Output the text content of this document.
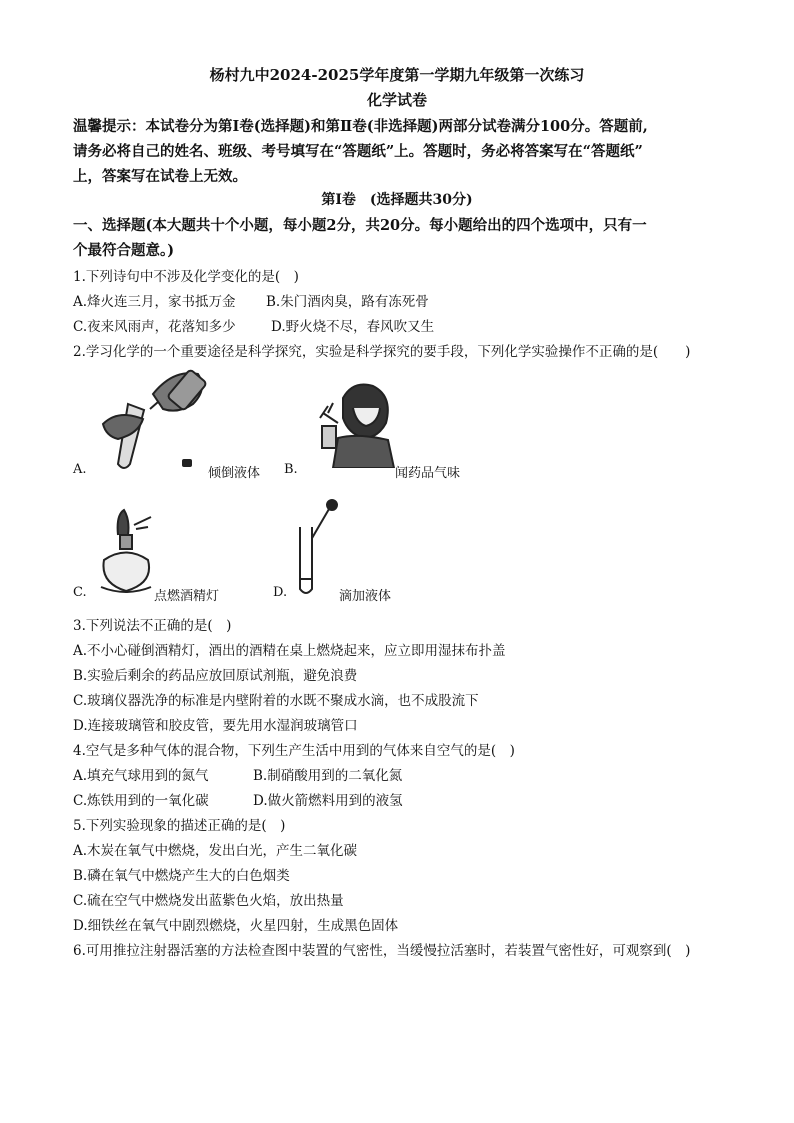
杨村九中2024-2025学年度第一学期九年级第一次练习
化学试卷
温馨提示：本试卷分为第Ⅰ卷(选择题)和第Ⅱ卷(非选择题)两部分试卷满分100分。答题前,
请务必将自己的姓名、班级、考号填写在“答题纸”上。答题时，务必将答案写在“答题纸”
上，答案写在试卷上无效。
第Ⅰ卷　(选择题共30分)
一、选择题(本大题共十个小题，每小题2分，共20分。每小题给出的四个选项中，只有一
个最符合题意。)
1.下列诗句中不涉及化学变化的是(　)
A.烽火连三月，家书抵万金 B.朱门酒肉臭，路有冻死骨
C.夜来风雨声，花落知多少	D.野火烧不尽，春风吹又生
2.学习化学的一个重要途径是科学探究，实验是科学探究的要手段，下列化学实验操作不正确的是(　　)
A.	倾倒液体 B.	闻药品气味
C.	点燃酒精灯	D.	滴加液体
3.下列说法不正确的是(　)
A.不小心碰倒酒精灯，酒出的酒精在桌上燃烧起来，应立即用湿抹布扑盖
B.实验后剩余的药品应放回原试剂瓶，避免浪费
C.玻璃仪器洗净的标准是内壁附着的水既不聚成水滴，也不成股流下
D.连接玻璃管和胶皮管，要先用水湿润玻璃管口
4.空气是多种气体的混合物，下列生产生活中用到的气体来自空气的是(　)
A.填充气球用到的氮气	B.制硝酸用到的二氧化氮
C.炼铁用到的一氧化碳	D.做火箭燃料用到的液氢
5.下列实验现象的描述正确的是(　)
A.木炭在氧气中燃烧，发出白光，产生二氧化碳
B.磷在氧气中燃烧产生大的白色烟类
C.硫在空气中燃烧发出蓝紫色火焰，放出热量
D.细铁丝在氧气中剧烈燃烧，火星四射，生成黑色固体
6.可用推拉注射器活塞的方法检查图中装置的气密性，当缓慢拉活塞时，若装置气密性好，可观察到(　)
